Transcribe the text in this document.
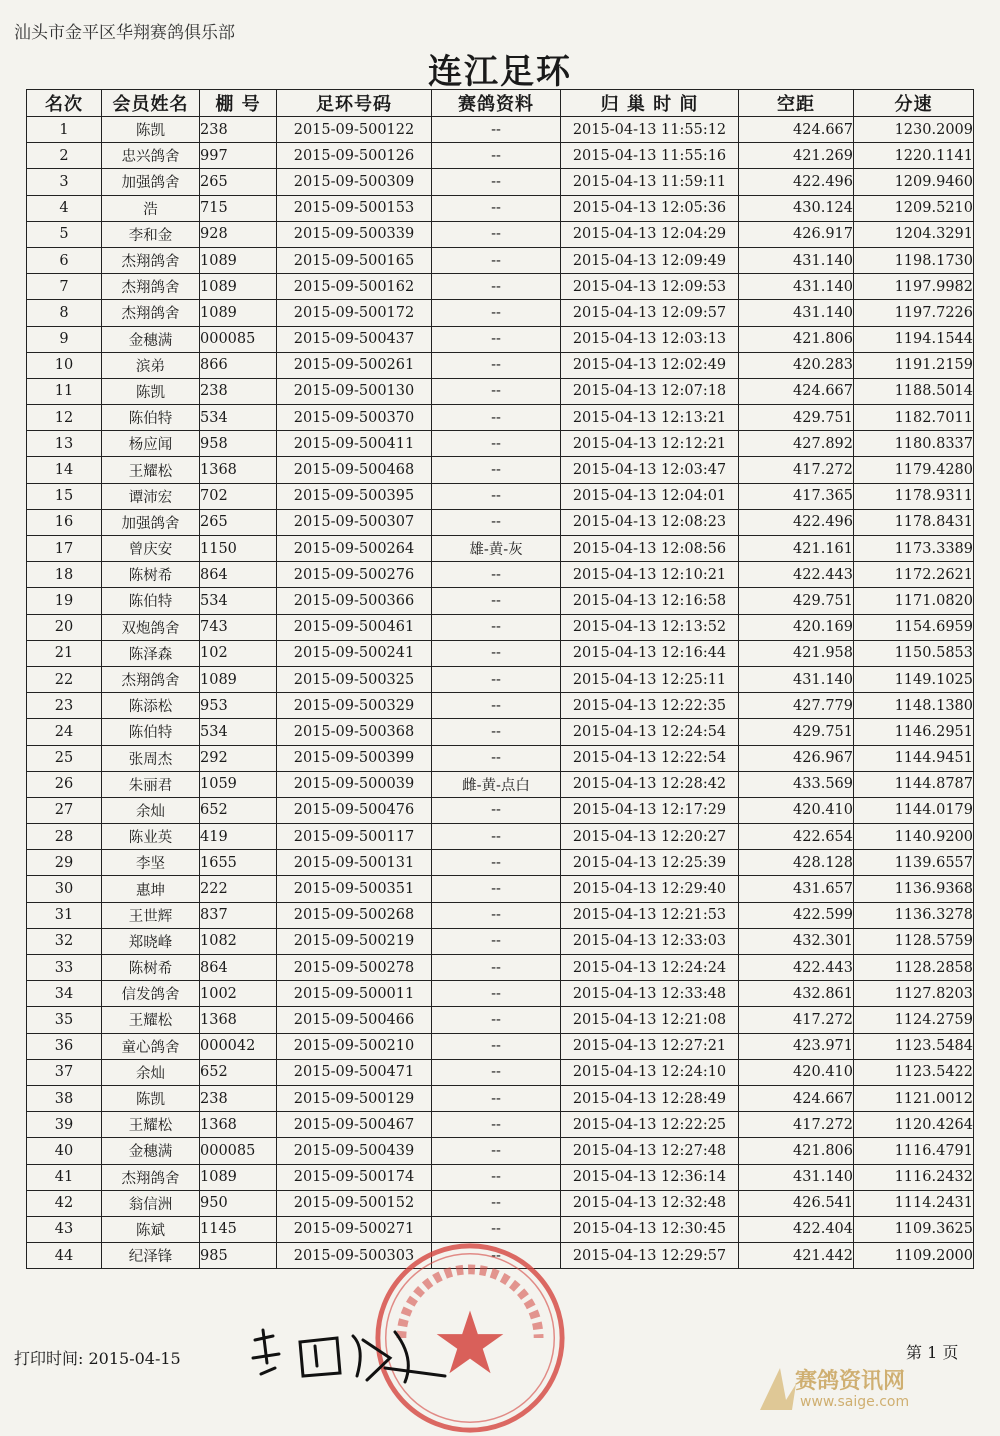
汕头市金平区华翔赛鸽俱乐部
连江足环
名次	会员姓名	棚 号	足环号码	赛鸽资料	归 巢 时 间	空距	分速
1	陈凯	238	2015-09-500122	--	2015-04-13 11:55:12	424.667	1230.2009
2	忠兴鸽舍	997	2015-09-500126	--	2015-04-13 11:55:16	421.269	1220.1141
3	加强鸽舍	265	2015-09-500309	--	2015-04-13 11:59:11	422.496	1209.9460
4	浩	715	2015-09-500153	--	2015-04-13 12:05:36	430.124	1209.5210
5	李和金	928	2015-09-500339	--	2015-04-13 12:04:29	426.917	1204.3291
6	杰翔鸽舍	1089	2015-09-500165	--	2015-04-13 12:09:49	431.140	1198.1730
7	杰翔鸽舍	1089	2015-09-500162	--	2015-04-13 12:09:53	431.140	1197.9982
8	杰翔鸽舍	1089	2015-09-500172	--	2015-04-13 12:09:57	431.140	1197.7226
9	金穗满	000085	2015-09-500437	--	2015-04-13 12:03:13	421.806	1194.1544
10	滨弟	866	2015-09-500261	--	2015-04-13 12:02:49	420.283	1191.2159
11	陈凯	238	2015-09-500130	--	2015-04-13 12:07:18	424.667	1188.5014
12	陈伯特	534	2015-09-500370	--	2015-04-13 12:13:21	429.751	1182.7011
13	杨应闻	958	2015-09-500411	--	2015-04-13 12:12:21	427.892	1180.8337
14	王耀松	1368	2015-09-500468	--	2015-04-13 12:03:47	417.272	1179.4280
15	谭沛宏	702	2015-09-500395	--	2015-04-13 12:04:01	417.365	1178.9311
16	加强鸽舍	265	2015-09-500307	--	2015-04-13 12:08:23	422.496	1178.8431
17	曾庆安	1150	2015-09-500264	雄-黄-灰	2015-04-13 12:08:56	421.161	1173.3389
18	陈树希	864	2015-09-500276	--	2015-04-13 12:10:21	422.443	1172.2621
19	陈伯特	534	2015-09-500366	--	2015-04-13 12:16:58	429.751	1171.0820
20	双炮鸽舍	743	2015-09-500461	--	2015-04-13 12:13:52	420.169	1154.6959
21	陈泽森	102	2015-09-500241	--	2015-04-13 12:16:44	421.958	1150.5853
22	杰翔鸽舍	1089	2015-09-500325	--	2015-04-13 12:25:11	431.140	1149.1025
23	陈添松	953	2015-09-500329	--	2015-04-13 12:22:35	427.779	1148.1380
24	陈伯特	534	2015-09-500368	--	2015-04-13 12:24:54	429.751	1146.2951
25	张周杰	292	2015-09-500399	--	2015-04-13 12:22:54	426.967	1144.9451
26	朱丽君	1059	2015-09-500039	雌-黄-点白	2015-04-13 12:28:42	433.569	1144.8787
27	余灿	652	2015-09-500476	--	2015-04-13 12:17:29	420.410	1144.0179
28	陈业英	419	2015-09-500117	--	2015-04-13 12:20:27	422.654	1140.9200
29	李坚	1655	2015-09-500131	--	2015-04-13 12:25:39	428.128	1139.6557
30	惠坤	222	2015-09-500351	--	2015-04-13 12:29:40	431.657	1136.9368
31	王世辉	837	2015-09-500268	--	2015-04-13 12:21:53	422.599	1136.3278
32	郑晓峰	1082	2015-09-500219	--	2015-04-13 12:33:03	432.301	1128.5759
33	陈树希	864	2015-09-500278	--	2015-04-13 12:24:24	422.443	1128.2858
34	信发鸽舍	1002	2015-09-500011	--	2015-04-13 12:33:48	432.861	1127.8203
35	王耀松	1368	2015-09-500466	--	2015-04-13 12:21:08	417.272	1124.2759
36	童心鸽舍	000042	2015-09-500210	--	2015-04-13 12:27:21	423.971	1123.5484
37	余灿	652	2015-09-500471	--	2015-04-13 12:24:10	420.410	1123.5422
38	陈凯	238	2015-09-500129	--	2015-04-13 12:28:49	424.667	1121.0012
39	王耀松	1368	2015-09-500467	--	2015-04-13 12:22:25	417.272	1120.4264
40	金穗满	000085	2015-09-500439	--	2015-04-13 12:27:48	421.806	1116.4791
41	杰翔鸽舍	1089	2015-09-500174	--	2015-04-13 12:36:14	431.140	1116.2432
42	翁信洲	950	2015-09-500152	--	2015-04-13 12:32:48	426.541	1114.2431
43	陈斌	1145	2015-09-500271	--	2015-04-13 12:30:45	422.404	1109.3625
44	纪泽锋	985	2015-09-500303	--	2015-04-13 12:29:57	421.442	1109.2000
打印时间: 2015-04-15	第 1 页
赛鸽资讯网
www.saige.com
